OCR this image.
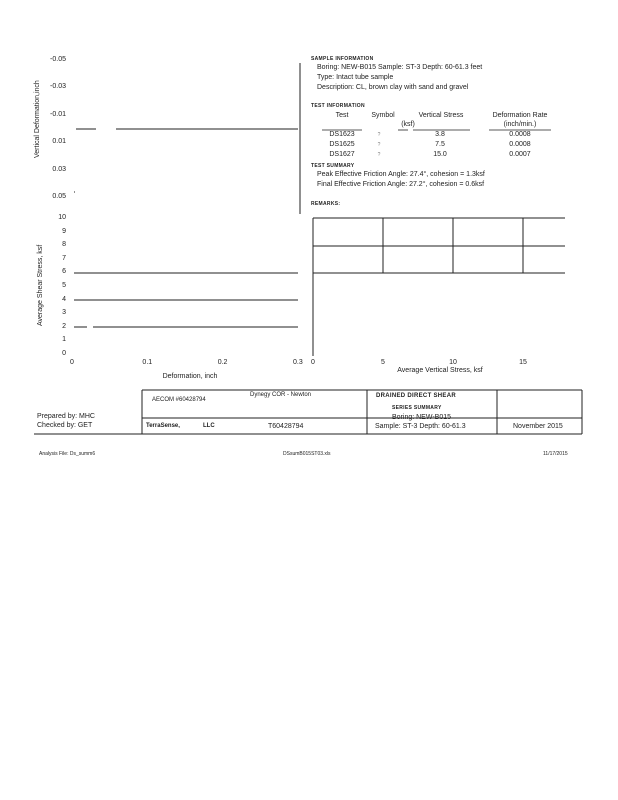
Vertical Deformation,inch
-0.05
-0.03
-0.01
0.01
0.03
0.05
Average Shear Stress, ksf
0
1
2
3
4
5
6
7
8
9
10
0	0.1	0.2	0.3
Deformation, inch
0	5	10	15
Average Vertical Stress, ksf
SAMPLE INFORMATION
Boring: NEW-B015 Sample: ST-3 Depth: 60-61.3 feet
Type: Intact tube sample
Description: CL, brown clay with sand and gravel
TEST INFORMATION
Test	Symbol	Vertical Stress	Deformation Rate
(ksf)	(inch/min.)
DS1623	?	3.8	0.0008
DS1625	?	7.5	0.0008
DS1627	?	15.0	0.0007
TEST SUMMARY
Peak Effective Friction Angle: 27.4°, cohesion = 1.3ksf
Final Effective Friction Angle: 27.2°, cohesion = 0.6ksf
REMARKS:
Prepared by: MHC
Checked by: GET
AECOM #60428794
Dynegy COR - Newton	DRAINED DIRECT SHEAR
SERIES SUMMARY
Boring: NEW-B015
Sample: ST-3 Depth: 60-61.3
TerraSense,	LLC	T60428794	November 2015
Analysis File: Ds_summ6	DSsumB015ST03.xls	11/17/2015
